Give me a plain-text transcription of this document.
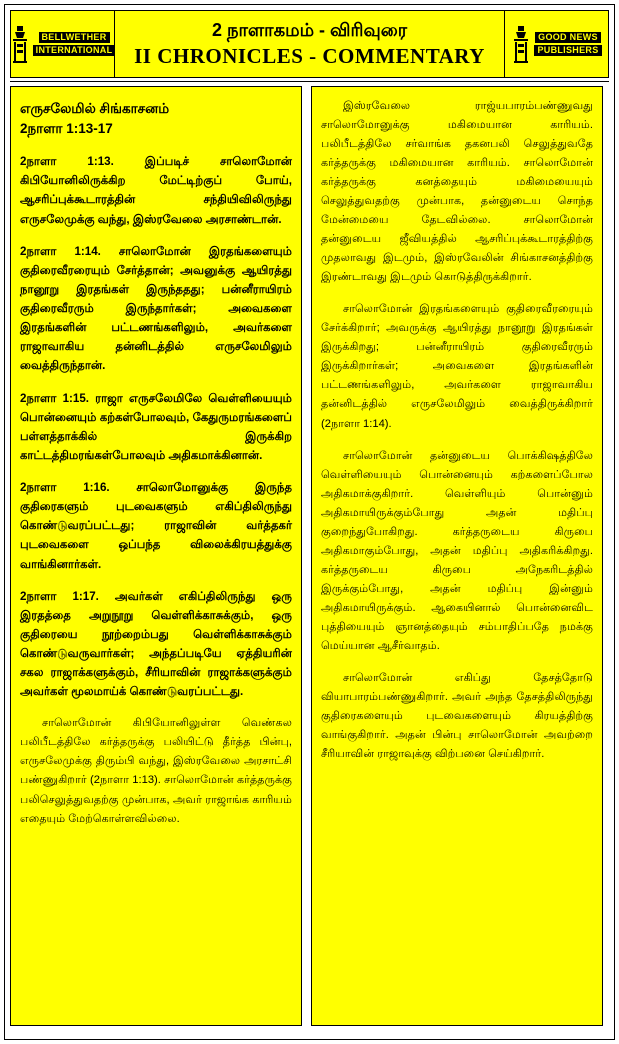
BELLWETHER
INTERNATIONAL
2 நாளாகமம் - விரிவுரை
II CHRONICLES - COMMENTARY
GOOD NEWS
PUBLISHERS
எருசலேமில் சிங்காசனம்
2நாளா 1:13-17

2நாளா 1:13. இப்படிச் சாலொமோன் கிபியோனிலிருக்கிற மேட்டிற்குப் போய், ஆசரிப்புக்கூடாரத்தின் சந்தியிவிலிருந்து எருசலேமுக்கு வந்து, இஸ்ரவேலை அரசாண்டான்.

2நாளா 1:14. சாலொமோன் இரதங்களையும் குதிரைவீரரையும் சேர்த்தான்; அவனுக்கு ஆயிரத்து நானூறு இரதங்கள் இருந்ததது; பன்னீராயிரம் குதிரைவீரரும் இருந்தார்கள்; அவைகளை இரதங்களின் பட்டணங்களிலும், அவர்களை ராஜாவாகிய தன்னிடத்தில் எருசலேமிலும் வைத்திருந்தான்.

2நாளா 1:15. ராஜா எருசலேமிலே வெள்ளியையும் பொன்னையும் கற்கள்போலவும், கேதுருமரங்களைப் பள்ளத்தாக்கில் இருக்கிற காட்டத்திமரங்கள்போலவும் அதிகமாக்கினான்.

2நாளா 1:16. சாலொமோனுக்கு இருந்த குதிரைகளும் புடவைகளும் எகிப்திலிருந்து கொண்டுவரப்பட்டது; ராஜாவின் வர்த்தகர் புடவைகளை ஒப்பந்த விலைக்கிரயத்துக்கு வாங்கினார்கள்.

2நாளா 1:17. அவர்கள் எகிப்திலிருந்து ஒரு இரதத்தை அறுநூறு வெள்ளிக்காசுக்கும், ஒரு குதிரையை நூற்றைம்பது வெள்ளிக்காசுக்கும் கொண்டுவருவார்கள்; அந்தப்படியே ஏத்தியரின் சகல ராஜாக்களுக்கும், சீரியாவின் ராஜாக்களுக்கும் அவர்கள் மூலமாய்க் கொண்டுவரப்பட்டது.

சாலொமோன் கிபியோனிலுள்ள வெண்கல பலிபீடத்திலே கர்த்தருக்கு பலியிட்டு தீர்த்த பின்பு, எருசலேமுக்கு திரும்பி வந்து, இஸ்ரவேலை அரசாட்சி பண்ணுகிறார் (2நாளா 1:13). சாலொமோன் கர்த்தருக்கு பலிசெலுத்துவதற்கு முன்பாக, அவர் ராஜாங்க காரியம் எதையும் மேற்கொள்ளவில்லை.

இஸ்ரவேலை ராஜ்யபாரம்பண்ணுவது சாலொமோனுக்கு மகிமையான காரியம். பலிபீடத்திலே சர்வாங்க தகனபலி செலுத்துவதே கர்த்தருக்கு மகிமையான காரியம். சாலொமோன் கர்த்தருக்கு கனத்தையும் மகிமையையும் செலுத்துவதற்கு முன்பாக, தன்னுடைய சொந்த மேன்மையை தேடவில்லை. சாலொமோன் தன்னுடைய ஜீவியத்தில் ஆசரிப்புக்கூடாரத்திற்கு முதலாவது இடமும், இஸ்ரவேலின் சிங்காசனத்திற்கு இரண்டாவது இடமும் கொடுத்திருக்கிறார்.

சாலொமோன் இரதங்களையும் குதிரைவீரரையும் சேர்க்கிறார்; அவருக்கு ஆயிரத்து நானூறு இரதங்கள் இருக்கிறது; பன்னீராயிரம் குதிரைவீரரும் இருக்கிறார்கள்; அவைகளை இரதங்களின் பட்டணங்களிலும், அவர்களை ராஜாவாகிய தன்னிடத்தில் எருசலேமிலும் வைத்திருக்கிறார் (2நாளா 1:14).

சாலொமோன் தன்னுடைய பொக்கிஷத்திலே வெள்ளியையும் பொன்னையும் கற்களைப்போல அதிகமாக்குகிறார். வெள்ளியும் பொன்னும் அதிகமாயிருக்கும்போது அதன் மதிப்பு குறைந்துபோகிறது. கர்த்தருடைய கிருபை அதிகமாகும்போது, அதன் மதிப்பு அதிகரிக்கிறது. கர்த்தருடைய கிருபை அநேகரிடத்தில் இருக்கும்போது, அதன் மதிப்பு இன்னும் அதிகமாயிருக்கும். ஆகையினால் பொன்னைவிட புத்தியையும் ஞானத்தையும் சம்பாதிப்பதே நமக்கு மெய்யான ஆசீர்வாதம்.

சாலொமோன் எகிப்து தேசத்தோடு வியாபாரம்பண்ணுகிறார். அவர் அந்த தேசத்திலிருந்து குதிரைகளையும் புடவைகளையும் கிரயத்திற்கு வாங்குகிறார். அதன் பின்பு சாலொமோன் அவற்றை சீரியாவின் ராஜாவுக்கு விற்பனை செய்கிறார்.
